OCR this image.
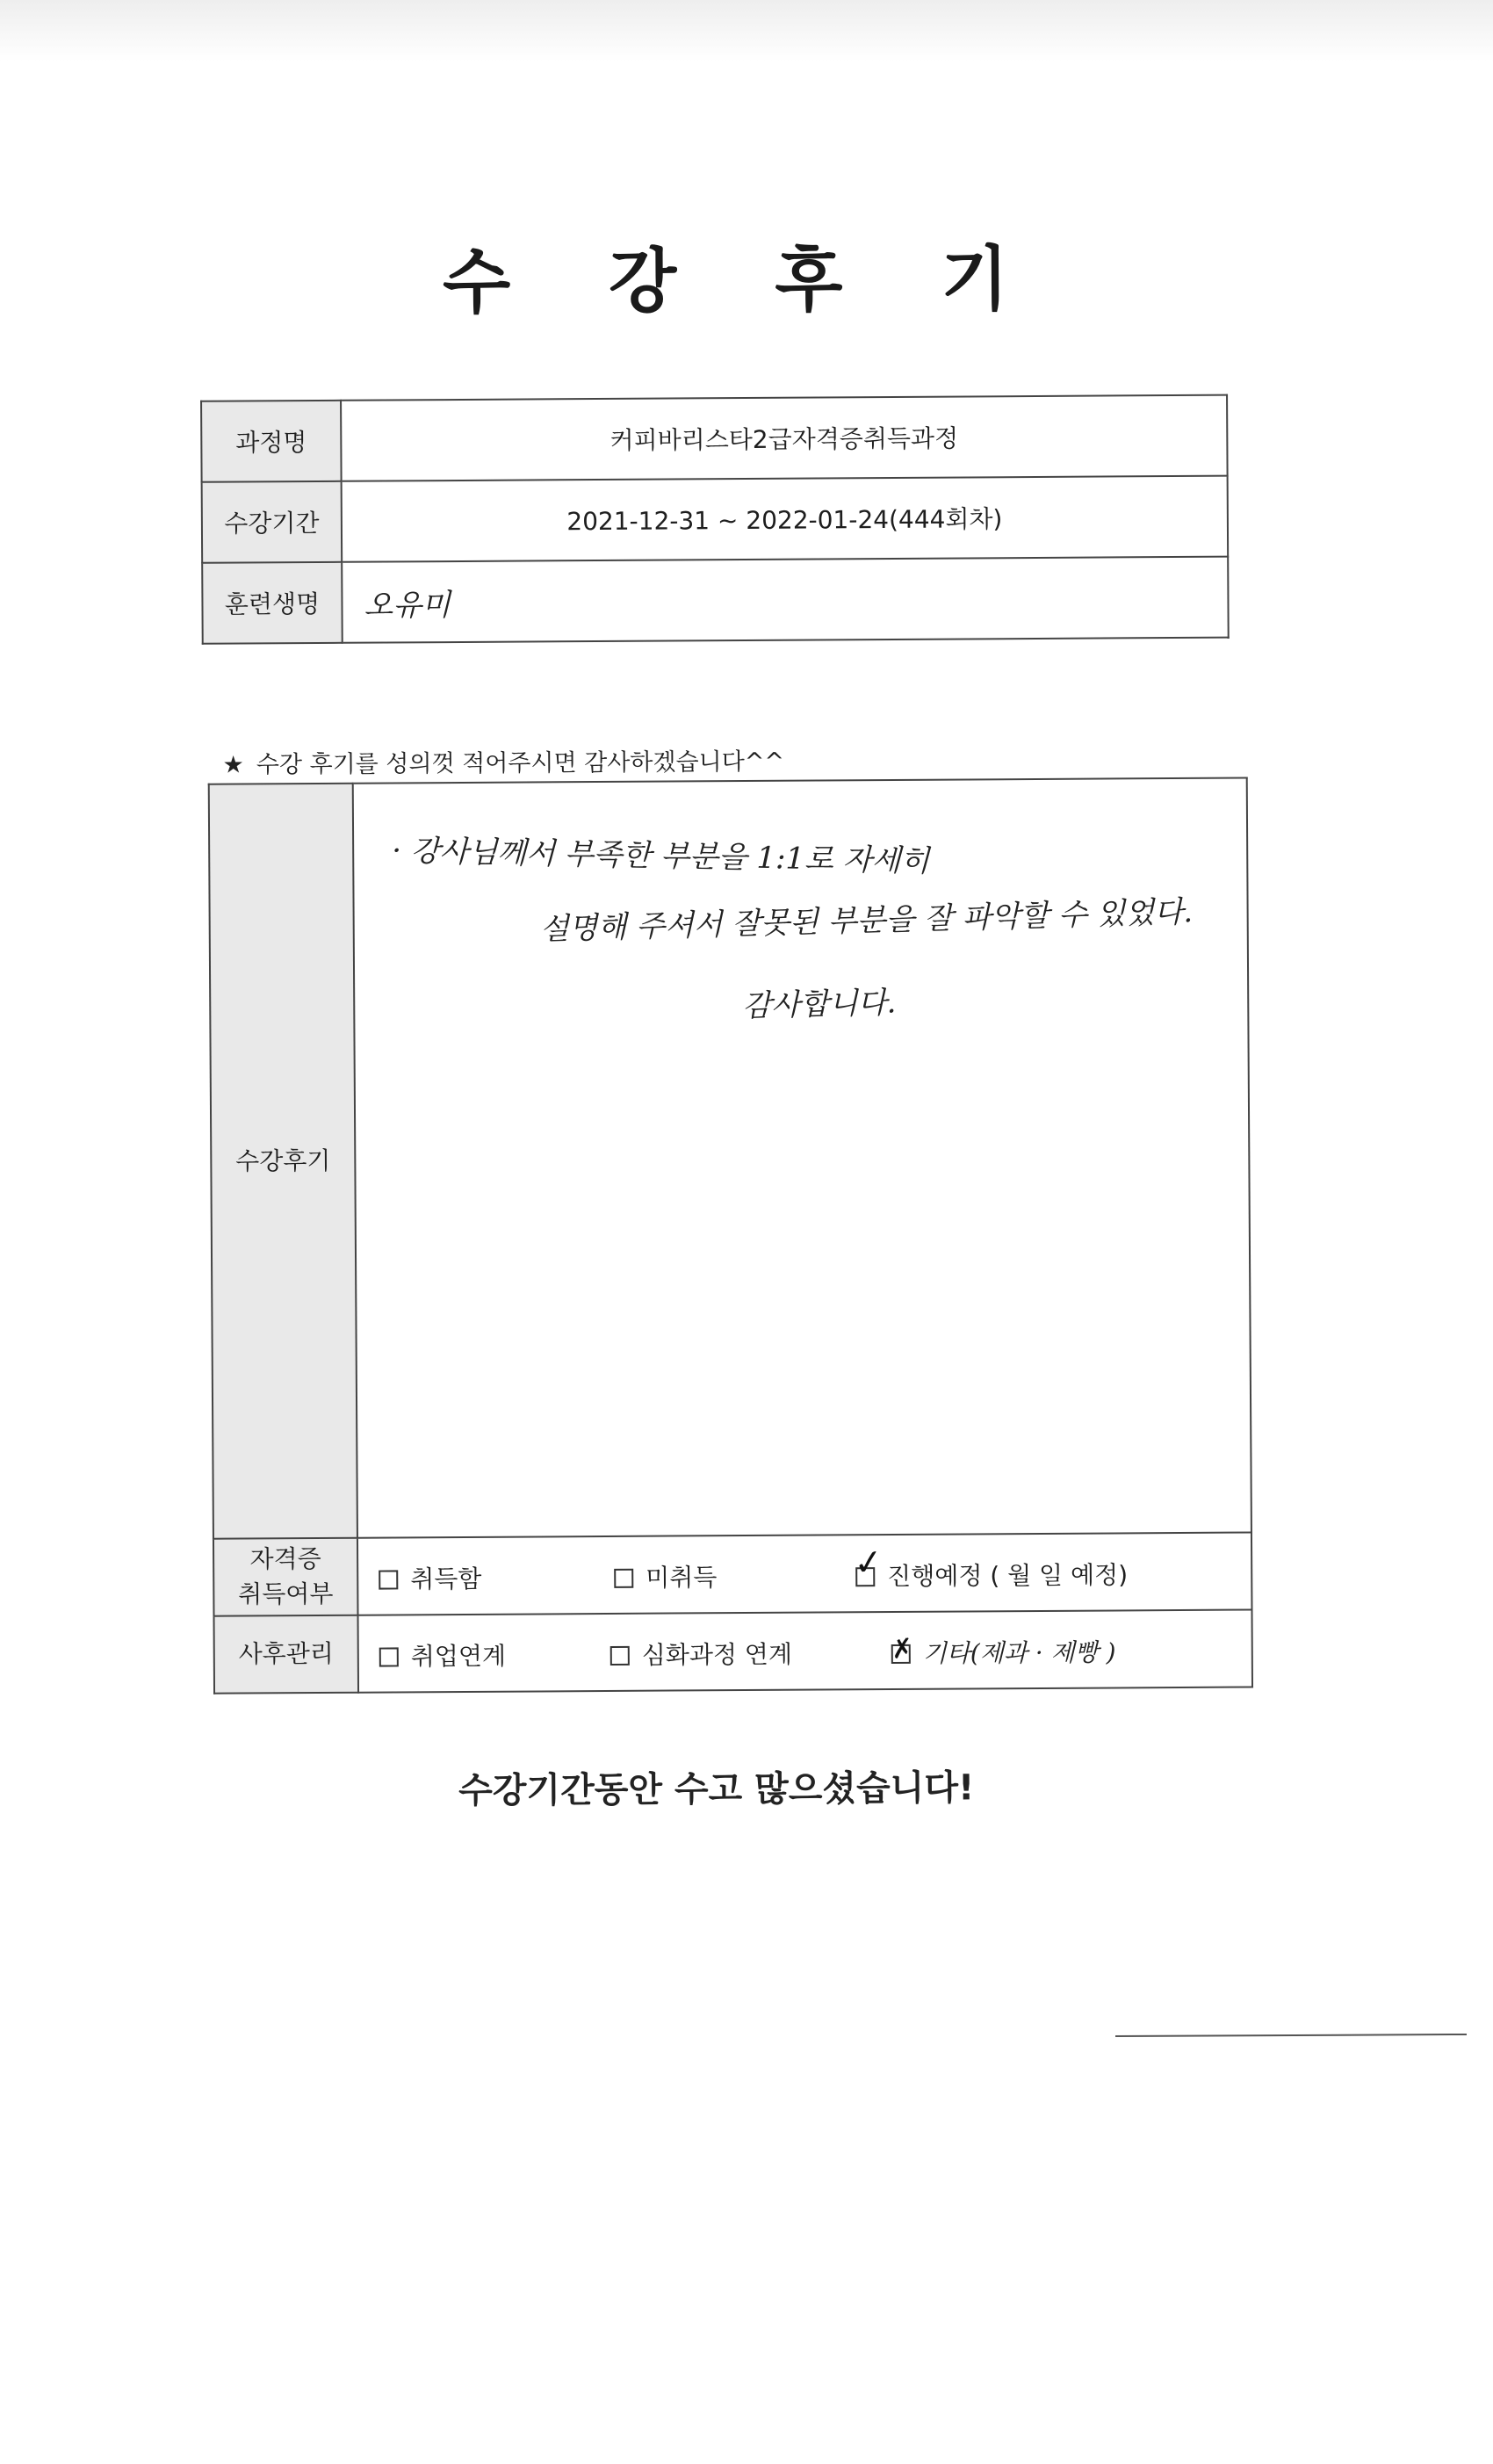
수 강 후 기
과정명	커피바리스타2급자격증취득과정
수강기간	2021-12-31 ~ 2022-01-24(444회차)
훈련생명	오유미
★ 수강 후기를 성의껏 적어주시면 감사하겠습니다^^
수강후기	· 강사님께서 부족한 부분을 1:1로 자세히
설명해 주셔서 잘못된 부분을 잘 파악할 수 있었다.
감사합니다.

자격증
취득여부	취득함 미취득 ✓ 진행예정 ( 월 일 예정)

사후관리	취업연계 심화과정 연계 ✗ 기타(제과 · 제빵 )
수강기간동안 수고 많으셨습니다!
